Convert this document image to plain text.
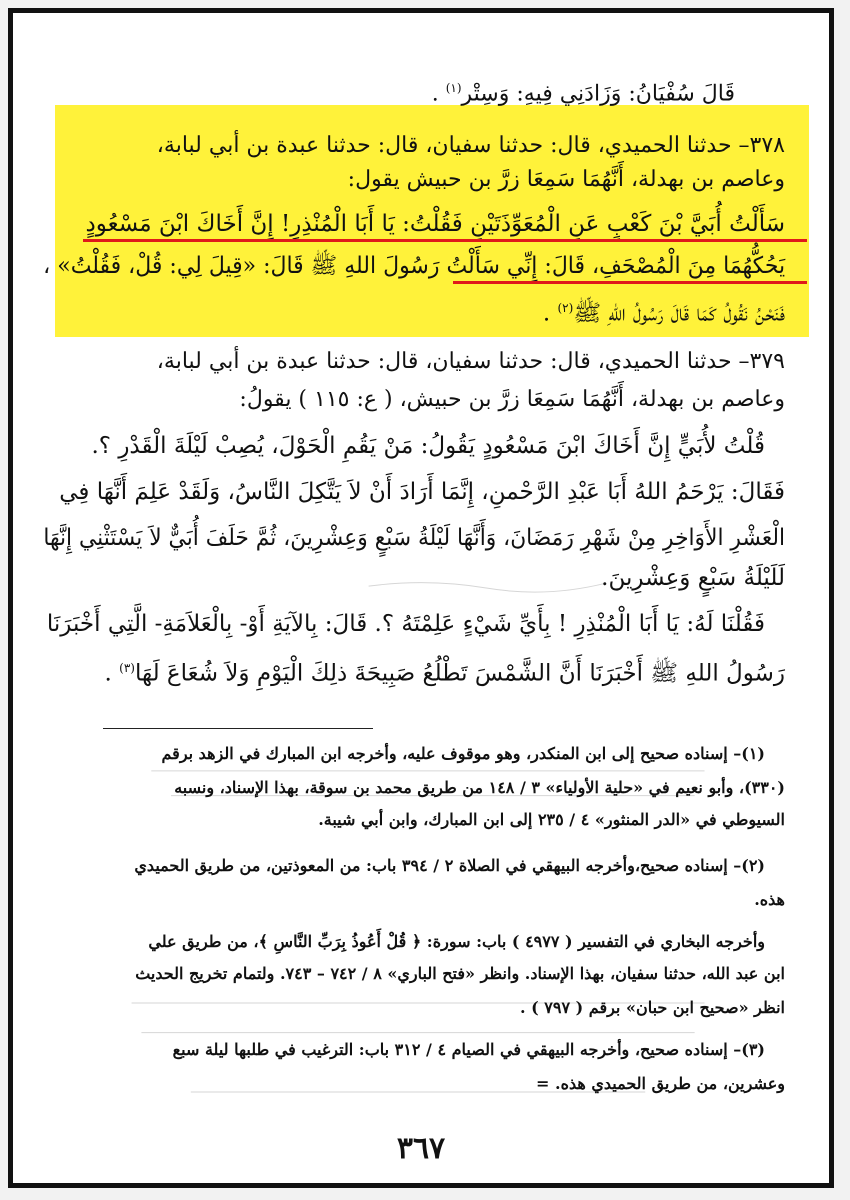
قَالَ سُفْيَانُ: وَزَادَنِي فِيهِ: وَسِتْر$^{(١)}$ .
٣٧٨– حدثنا الحميدي، قال: حدثنا سفيان، قال: حدثنا عبدة بن أبي لبابة،
وعاصم بن بهدلة، أَنَّهُمَا سَمِعَا زرَّ بن حبيش يقول:
سَأَلْتُ أُبَيَّ بْنَ كَعْبٍ عَنِ الْمُعَوِّذَتَيْنِ فَقُلْتُ: يَا أَبَا الْمُنْذِرِ! إِنَّ أَخَاكَ ابْنَ مَسْعُودٍ
يَحُكُّهُمَا مِنَ الْمُصْحَفِ، قَالَ: إِنِّي سَأَلْتُ رَسُولَ اللهِ ﷺ قَالَ: «قِيلَ لِي: قُلْ، فَقُلْتُ» ،
فَنَحْنُ نَقُولُ كَمَا قَالَ رَسُولُ اللهِ ﷺ$^{(٢)}$ .
٣٧٩– حدثنا الحميدي، قال: حدثنا سفيان، قال: حدثنا عبدة بن أبي لبابة،
وعاصم بن بهدلة، أَنَّهُمَا سَمِعَا زرَّ بن حبيش، ( ع: ١١٥ ) يقولُ:
قُلْتُ لأُبَيٍّ إِنَّ أَخَاكَ ابْنَ مَسْعُودٍ يَقُولُ: مَنْ يَقُمِ الْحَوْلَ، يُصِبْ لَيْلَةَ الْقَدْرِ ؟.
فَقَالَ: يَرْحَمُ اللهُ أَبَا عَبْدِ الرَّحْمنِ، إِنَّمَا أَرَادَ أَنْ لاَ يَتَّكِلَ النَّاسُ، وَلَقَدْ عَلِمَ أَنَّهَا فِي
الْعَشْرِ الأَوَاخِرِ مِنْ شَهْرِ رَمَضَانَ، وَأَنَّهَا لَيْلَةُ سَبْعٍ وَعِشْرِينَ، ثُمَّ حَلَفَ أُبَيٌّ لاَ يَسْتَثْنِي إِنَّهَا
لَلَيْلَةُ سَبْعٍ وَعِشْرِينَ.
فَقُلْنَا لَهُ: يَا أَبَا الْمُنْذِرِ ! بِأَيِّ شَيْءٍ عَلِمْتَهُ ؟. قَالَ: بِالآيَةِ أَوْ- بِالْعَلاَمَةِ- الَّتِي أَخْبَرَنَا
رَسُولُ اللهِ ﷺ أَخْبَرَنَا أَنَّ الشَّمْسَ تَطْلُعُ صَبِيحَةَ ذلِكَ الْيَوْمِ وَلاَ شُعَاعَ لَهَا$^{(٣)}$ .
(١)– إسناده صحيح إلى ابن المنكدر، وهو موقوف عليه، وأخرجه ابن المبارك في الزهد برقم
(٣٣٠)، وأبو نعيم في «حلية الأولياء» ٣ / ١٤٨ من طريق محمد بن سوقة، بهذا الإسناد، ونسبه
السيوطي في «الدر المنثور» ٤ / ٢٣٥ إلى ابن المبارك، وابن أبي شيبة.
(٢)– إسناده صحيح،وأخرجه البيهقي في الصلاة ٢ / ٣٩٤ باب: من المعوذتين، من طريق الحميدي
هذه.
وأخرجه البخاري في التفسير ( ٤٩٧٧ ) باب: سورة: ﴿ قُلْ أَعُوذُ بِرَبِّ النَّاسِ ﴾، من طريق علي
ابن عبد الله، حدثنا سفيان، بهذا الإسناد. وانظر «فتح الباري» ٨ / ٧٤٢ – ٧٤٣. ولتمام تخريج الحديث
انظر «صحيح ابن حبان» برقم ( ٧٩٧ ) .
(٣)– إسناده صحيح، وأخرجه البيهقي في الصيام ٤ / ٣١٢ باب: الترغيب في طلبها ليلة سبع
وعشرين، من طريق الحميدي هذه. =
٣٦٧
